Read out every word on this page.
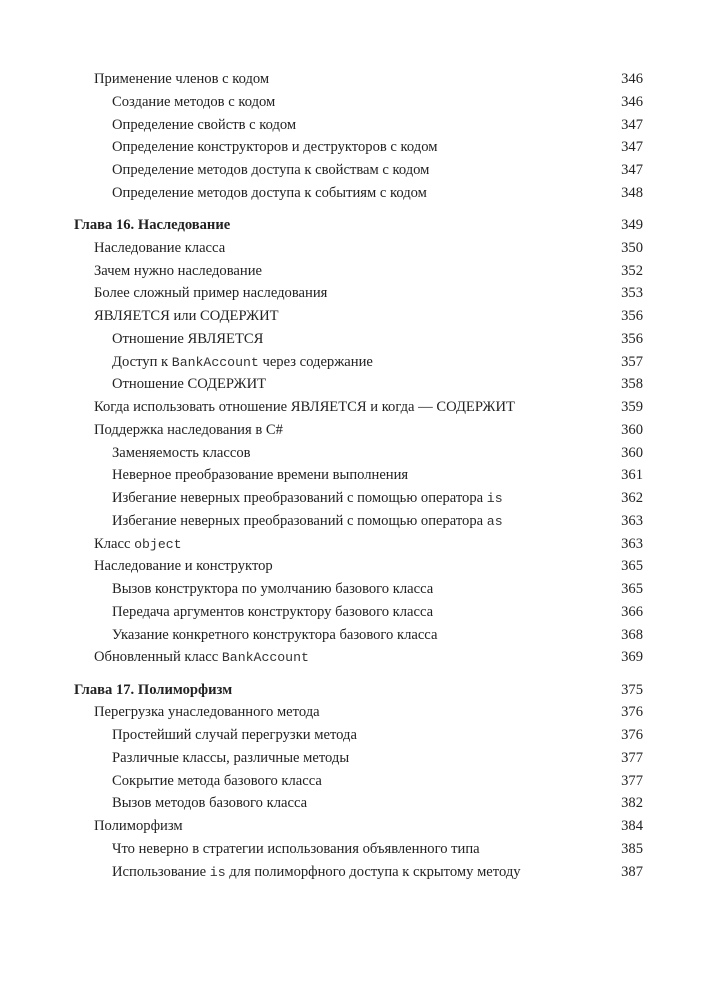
Применение членов с кодом	346
Создание методов с кодом	346
Определение свойств с кодом	347
Определение конструкторов и деструкторов с кодом	347
Определение методов доступа к свойствам с кодом	347
Определение методов доступа к событиям с кодом	348
Глава 16. Наследование	349
Наследование класса	350
Зачем нужно наследование	352
Более сложный пример наследования	353
ЯВЛЯЕТСЯ или СОДЕРЖИТ	356
Отношение ЯВЛЯЕТСЯ	356
Доступ к BankAccount через содержание	357
Отношение СОДЕРЖИТ	358
Когда использовать отношение ЯВЛЯЕТСЯ и когда — СОДЕРЖИТ	359
Поддержка наследования в C#	360
Заменяемость классов	360
Неверное преобразование времени выполнения	361
Избегание неверных преобразований с помощью оператора is	362
Избегание неверных преобразований с помощью оператора as	363
Класс object	363
Наследование и конструктор	365
Вызов конструктора по умолчанию базового класса	365
Передача аргументов конструктору базового класса	366
Указание конкретного конструктора базового класса	368
Обновленный класс BankAccount	369
Глава 17. Полиморфизм	375
Перегрузка унаследованного метода	376
Простейший случай перегрузки метода	376
Различные классы, различные методы	377
Сокрытие метода базового класса	377
Вызов методов базового класса	382
Полиморфизм	384
Что неверно в стратегии использования объявленного типа	385
Использование is для полиморфного доступа к скрытому методу	387
